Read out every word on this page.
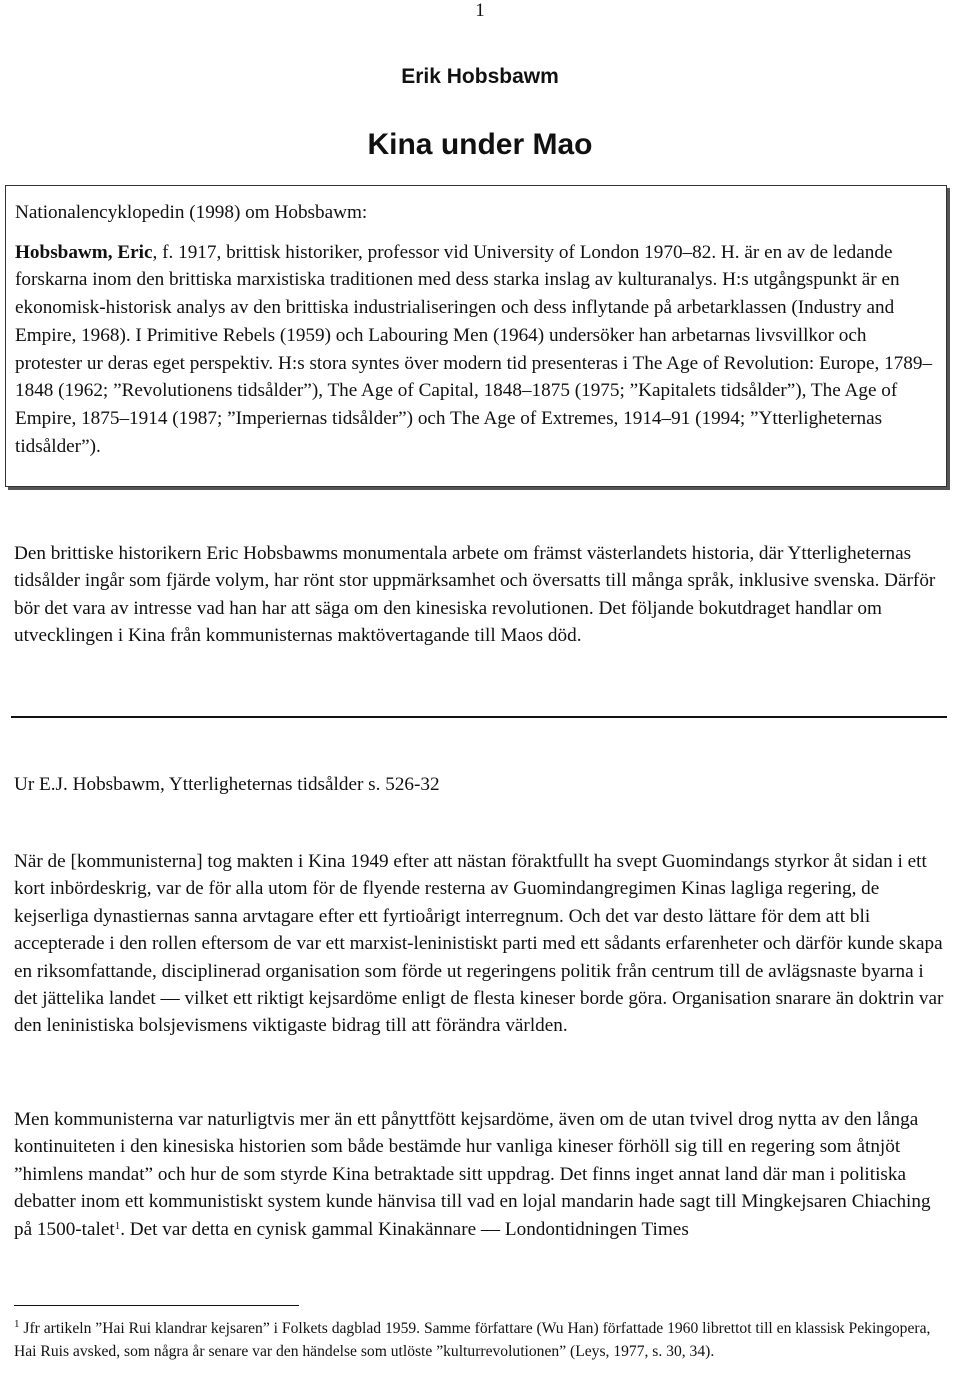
1
Erik Hobsbawm
Kina under Mao

Nationalencyklopedin (1998) om Hobsbawm:

Hobsbawm, Eric, f. 1917, brittisk historiker, professor vid University of London 1970–82. H. är en av de ledande forskarna inom den brittiska marxistiska traditionen med dess starka inslag av kulturanalys. H:s utgångspunkt är en ekonomisk-historisk analys av den brittiska industrialiseringen och dess inflytande på arbetarklassen (Industry and Empire, 1968). I Primitive Rebels (1959) och Labouring Men (1964) undersöker han arbetarnas livsvillkor och protester ur deras eget perspektiv. H:s stora syntes över modern tid presenteras i The Age of Revolution: Europe, 1789–1848 (1962; ”Revolutionens tidsålder”), The Age of Capital, 1848–1875 (1975; ”Kapitalets tidsålder”), The Age of Empire, 1875–1914 (1987; ”Imperiernas tidsålder”) och The Age of Extremes, 1914–91 (1994; ”Ytterligheternas tidsålder”).

Den brittiske historikern Eric Hobsbawms monumentala arbete om främst västerlandets historia, där Ytterligheternas tidsålder ingår som fjärde volym, har rönt stor uppmärksamhet och översatts till många språk, inklusive svenska. Därför bör det vara av intresse vad han har att säga om den kinesiska revolutionen. Det följande bokutdraget handlar om utvecklingen i Kina från kommunisternas maktövertagande till Maos död.

Ur E.J. Hobsbawm, Ytterligheternas tidsålder s. 526-32

När de [kommunisterna] tog makten i Kina 1949 efter att nästan föraktfullt ha svept Guomindangs styrkor åt sidan i ett kort inbördeskrig, var de för alla utom för de flyende resterna av Guomindangregimen Kinas lagliga regering, de kejserliga dynastiernas sanna arvtagare efter ett fyrtioårigt interregnum. Och det var desto lättare för dem att bli accepterade i den rollen eftersom de var ett marxist-leninistiskt parti med ett sådants erfarenheter och därför kunde skapa en riksomfattande, disciplinerad organisation som förde ut regeringens politik från centrum till de avlägsnaste byarna i det jättelika landet — vilket ett riktigt kejsardöme enligt de flesta kineser borde göra. Organisation snarare än doktrin var den leninistiska bolsjevismens viktigaste bidrag till att förändra världen.

Men kommunisterna var naturligtvis mer än ett pånyttfött kejsardöme, även om de utan tvivel drog nytta av den långa kontinuiteten i den kinesiska historien som både bestämde hur vanliga kineser förhöll sig till en regering som åtnjöt ”himlens mandat” och hur de som styrde Kina betraktade sitt uppdrag. Det finns inget annat land där man i politiska debatter inom ett kommunistiskt system kunde hänvisa till vad en lojal mandarin hade sagt till Mingkejsaren Chiaching på 1500-talet$^1$. Det var detta en cynisk gammal Kinakännare — Londontidningen Times

$^1$ Jfr artikeln ”Hai Rui klandrar kejsaren” i Folkets dagblad 1959. Samme författare (Wu Han) författade 1960 librettot till en klassisk Pekingopera, Hai Ruis avsked, som några år senare var den händelse som utlöste ”kulturrevolutionen” (Leys, 1977, s. 30, 34).
